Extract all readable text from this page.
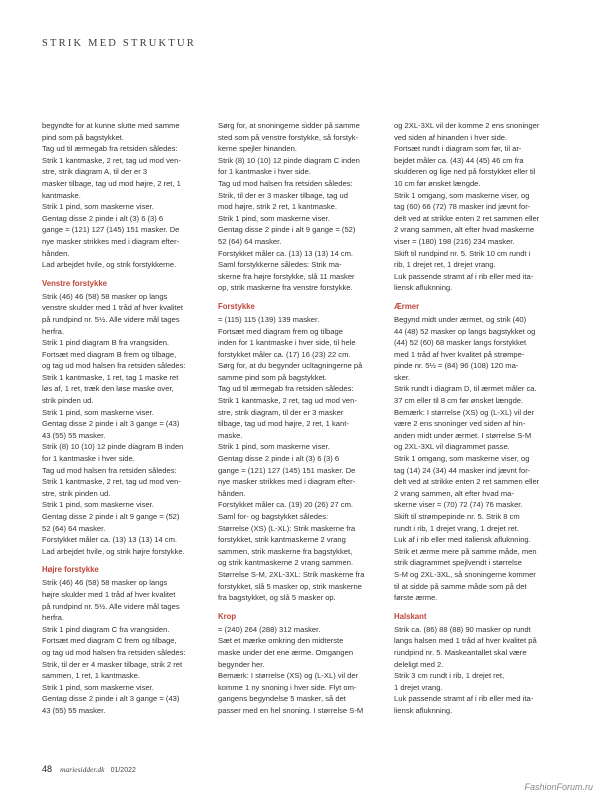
STRIK MED STRUKTUR

begyndte for at kunne slutte med samme

pind som på bagstykket.

Tag ud til ærmegab fra retsiden således:

Strik 1 kantmaske, 2 ret, tag ud mod ven-

stre, strik diagram A, til der er 3

masker tilbage, tag ud mod højre, 2 ret, 1

kantmaske.

Strik 1 pind, som maskerne viser.

Gentag disse 2 pinde i alt (3) 6 (3) 6

gange = (121) 127 (145) 151 masker. De

nye masker strikkes med i diagram efter-

hånden.

Lad arbejdet hvile, og strik forstykkerne.

Venstre forstykke

Strik (46) 46 (58) 58 masker op langs

venstre skulder med 1 tråd af hver kvalitet

på rundpind nr. 5½. Alle videre mål tages

herfra.

Strik 1 pind diagram B fra vrangsiden.

Fortsæt med diagram B frem og tilbage,

og tag ud mod halsen fra retsiden således:

Strik 1 kantmaske, 1 ret, tag 1 maske ret

løs af, 1 ret, træk den løse maske over,

strik pinden ud.

Strik 1 pind, som maskerne viser.

Gentag disse 2 pinde i alt 3 gange = (43)

43 (55) 55 masker.

Strik (8) 10 (10) 12 pinde diagram B inden

for 1 kantmaske i hver side.

Tag ud mod halsen fra retsiden således:

Strik 1 kantmaske, 2 ret, tag ud mod ven-

stre, strik pinden ud.

Strik 1 pind, som maskerne viser.

Gentag disse 2 pinde i alt 9 gange = (52)

52 (64) 64 masker.

Forstykket måler ca. (13) 13 (13) 14 cm.

Lad arbejdet hvile, og strik højre forstykke.

Højre forstykke

Strik (46) 46 (58) 58 masker op langs

højre skulder med 1 tråd af hver kvalitet

på rundpind nr. 5½. Alle videre mål tages

herfra.

Strik 1 pind diagram C fra vrangsiden.

Fortsæt med diagram C frem og tilbage,

og tag ud mod halsen fra retsiden således:

Strik, til der er 4 masker tilbage, strik 2 ret

sammen, 1 ret, 1 kantmaske.

Strik 1 pind, som maskerne viser.

Gentag disse 2 pinde i alt 3 gange = (43)

43 (55) 55 masker.

Sørg for, at snoningerne sidder på samme

sted som på venstre forstykke, så forstyk-

kerne spejler hinanden.

Strik (8) 10 (10) 12 pinde diagram C inden

for 1 kantmaske i hver side.

Tag ud mod halsen fra retsiden således:

Strik, til der er 3 masker tilbage, tag ud

mod højre, strik 2 ret, 1 kantmaske.

Strik 1 pind, som maskerne viser.

Gentag disse 2 pinde i alt 9 gange = (52)

52 (64) 64 masker.

Forstykket måler ca. (13) 13 (13) 14 cm.

Saml forstykkerne således: Strik ma-

skerne fra højre forstykke, slå 11 masker

op, strik maskerne fra venstre forstykke.

Forstykke

= (115) 115 (139) 139 masker.

Fortsæt med diagram frem og tilbage

inden for 1 kantmaske i hver side, til hele

forstykket måler ca. (17) 16 (23) 22 cm.

Sørg for, at du begynder ucltagningerne på

samme pind som på bagstykket.

Tag ud til ærmegab fra retsiden således:

Strik 1 kantmaske, 2 ret, tag ud mod ven-

stre, strik diagram, til der er 3 masker

tilbage, tag ud mod højre, 2 ret, 1 kant-

maske.

Strik 1 pind, som maskerne viser.

Gentag disse 2 pinde i alt (3) 6 (3) 6

gange = (121) 127 (145) 151 masker. De

nye masker strikkes med i diagram efter-

hånden.

Forstykket måler ca. (19) 20 (26) 27 cm.

Saml for- og bagstykket således:

Størrelse (XS) (L-XL): Strik maskerne fra

forstykket, strik kantmaskerne 2 vrang

sammen, strik maskerne fra bagstykket,

og strik kantmaskerne 2 vrang sammen.

Størrelse S-M, 2XL-3XL: Strik maskerne fra

forstykket, slå 5 masker op, strik maskerne

fra bagstykket, og slå 5 masker op.

Krop

= (240) 264 (288) 312 masker.

Sæt et mærke omkring den midterste

maske under det ene ærme. Omgangen

begynder her.

Bemærk: I størrelse (XS) og (L-XL) vil der

komme 1 ny snoning i hver side. Flyt om-

gangens begyndelse 5 masker, så det

passer med en hel snoning. I størrelse S-M

og 2XL-3XL vil der komme 2 ens snoninger

ved siden af hinanden i hver side.

Fortsæt rundt i diagram som før, til ar-

bejdet måler ca. (43) 44 (45) 46 cm fra

skulderen og lige ned på forstykket eller til

10 cm før ønsket længde.

Strik 1 omgang, som maskerne viser, og

tag (60) 66 (72) 78 masker ind jævnt for-

delt ved at strikke enten 2 ret sammen eller

2 vrang sammen, alt efter hvad maskerne

viser = (180) 198 (216) 234 masker.

Skift til rundpind nr. 5. Strik 10 cm rundt i

rib, 1 drejet ret, 1 drejet vrang.

Luk passende stramt af i rib eller med ita-

liensk afluknning.

Ærmer

Begynd midt under ærmet, og strik (40)

44 (48) 52 masker op langs bagstykket og

(44) 52 (60) 68 masker langs forstykket

med 1 tråd af hver kvalitet på strømpe-

pinde nr. 5½ = (84) 96 (108) 120 ma-

sker.

Strik rundt i diagram D, til ærmet måler ca.

37 cm eller til 8 cm før ønsket længde.

Bemærk: I størrelse (XS) og (L-XL) vil der

være 2 ens snoninger ved siden af hin-

anden midt under ærmet. I størrelse S-M

og 2XL-3XL vil diagrammet passe.

Strik 1 omgang, som maskerne viser, og

tag (14) 24 (34) 44 masker ind jævnt for-

delt ved at strikke enten 2 ret sammen eller

2 vrang sammen, alt efter hvad ma-

skerne viser = (70) 72 (74) 76 masker.

Skift til strømpepinde nr. 5. Strik 8 cm

rundt i rib, 1 drejet vrang, 1 drejet ret.

Luk af i rib eller med italiensk afluknning.

Strik et ærme mere på samme måde, men

strik diagrammet spejlvendt i størrelse

S-M og 2XL-3XL, så snoningerne kommer

til at sidde på samme måde som på det

første ærme.

Halskant

Strik ca. (86) 88 (88) 90 masker op rundt

langs halsen med 1 tråd af hver kvalitet på

rundpind nr. 5. Maskeantallet skal være

deleligt med 2.

Strik 3 cm rundt i rib, 1 drejet ret,

1 drejet vrang.

Luk passende stramt af i rib eller med ita-

liensk afluknning.

48 mariesidder.dk 01/2022
FashionForum.ru
